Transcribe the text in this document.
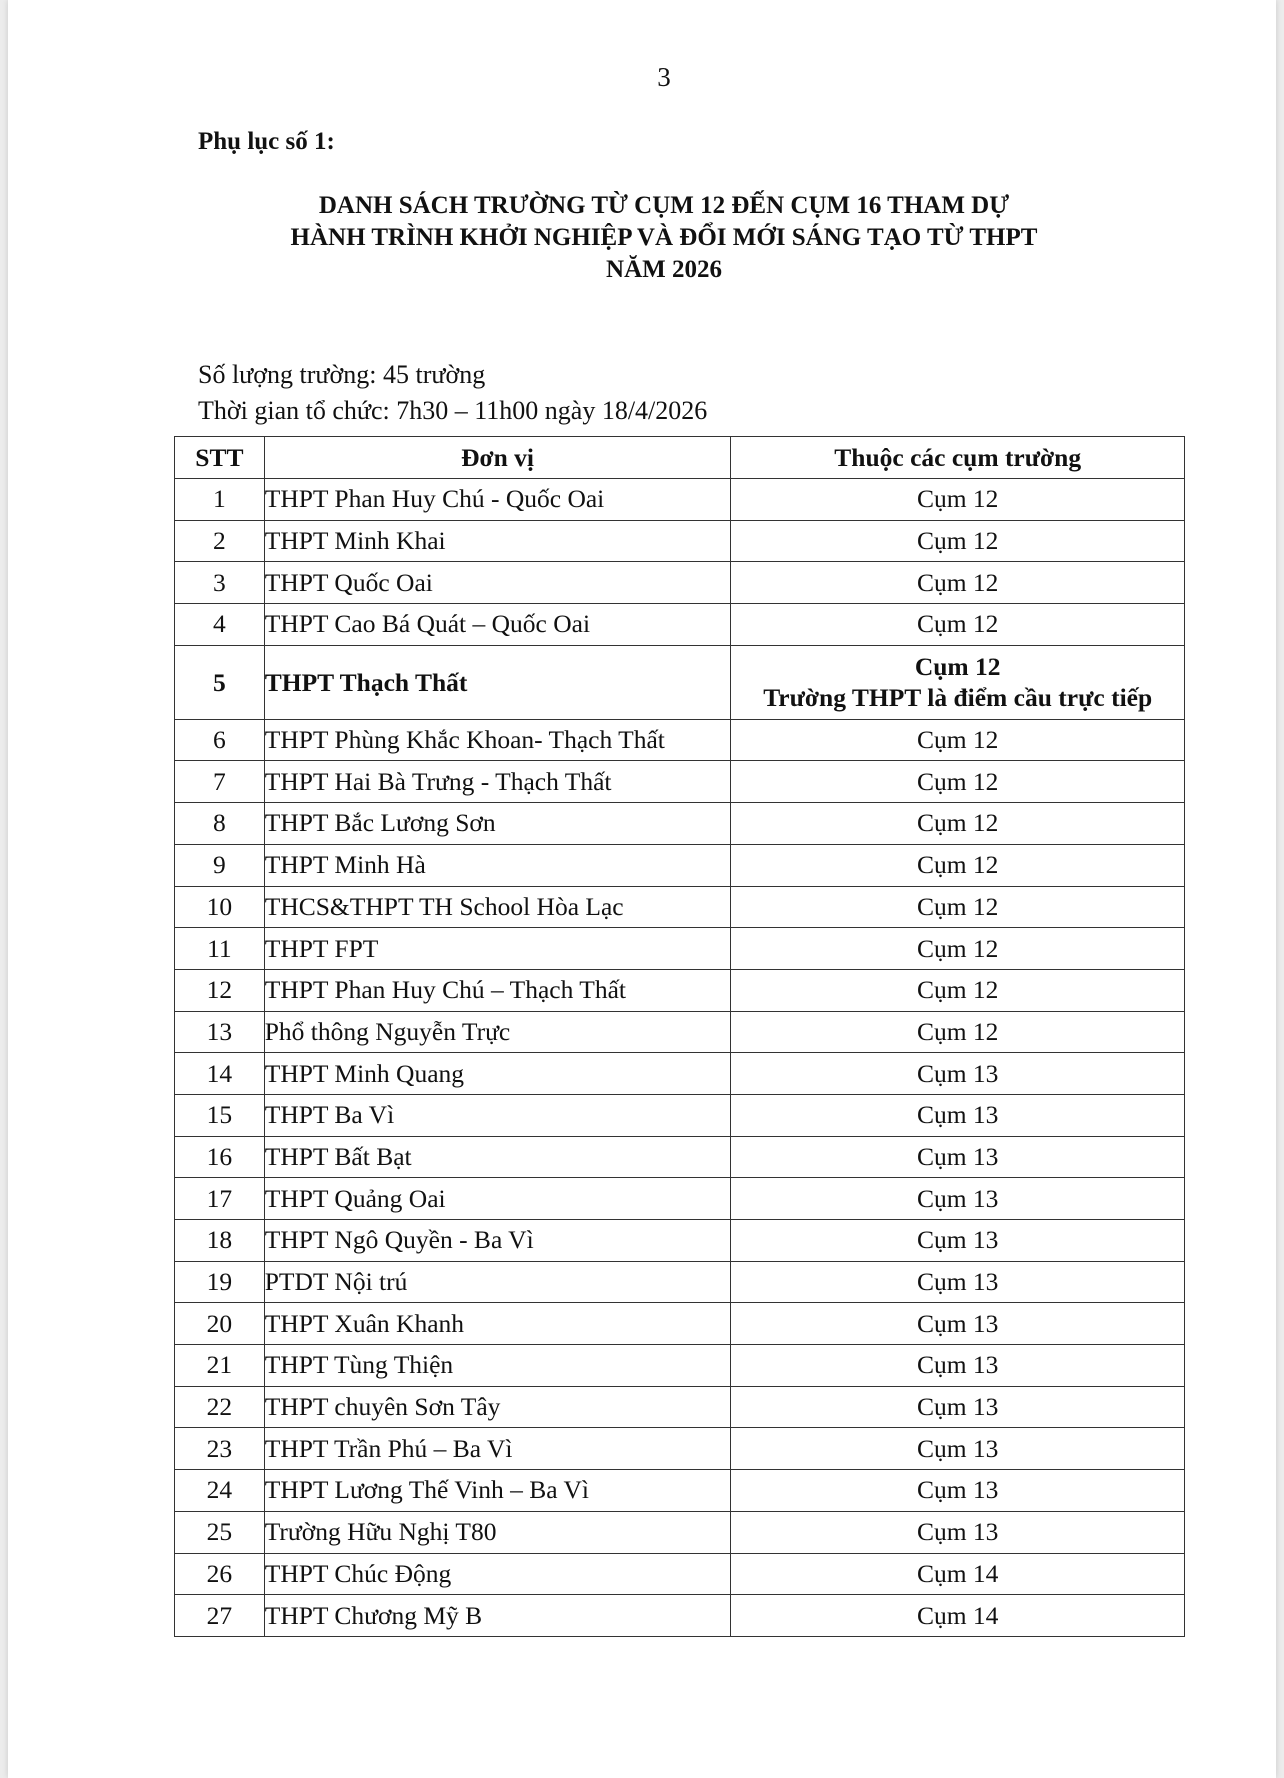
3
Phụ lục số 1:
DANH SÁCH TRƯỜNG TỪ CỤM 12 ĐẾN CỤM 16 THAM DỰ
HÀNH TRÌNH KHỞI NGHIỆP VÀ ĐỔI MỚI SÁNG TẠO TỪ THPT
NĂM 2026
Số lượng trường: 45 trường
Thời gian tổ chức: 7h30 – 11h00 ngày 18/4/2026
STT	Đơn vị	Thuộc các cụm trường
1	THPT Phan Huy Chú - Quốc Oai	Cụm 12
2	THPT Minh Khai	Cụm 12
3	THPT Quốc Oai	Cụm 12
4	THPT Cao Bá Quát – Quốc Oai	Cụm 12
5	THPT Thạch Thất	Cụm 12
Trường THPT là điểm cầu trực tiếp

6	THPT Phùng Khắc Khoan- Thạch Thất	Cụm 12
7	THPT Hai Bà Trưng - Thạch Thất	Cụm 12
8	THPT Bắc Lương Sơn	Cụm 12
9	THPT Minh Hà	Cụm 12
10	THCS&THPT TH School Hòa Lạc	Cụm 12
11	THPT FPT	Cụm 12
12	THPT Phan Huy Chú – Thạch Thất	Cụm 12
13	Phổ thông Nguyễn Trực	Cụm 12
14	THPT Minh Quang	Cụm 13
15	THPT Ba Vì	Cụm 13
16	THPT Bất Bạt	Cụm 13
17	THPT Quảng Oai	Cụm 13
18	THPT Ngô Quyền - Ba Vì	Cụm 13
19	PTDT Nội trú	Cụm 13
20	THPT Xuân Khanh	Cụm 13
21	THPT Tùng Thiện	Cụm 13
22	THPT chuyên Sơn Tây	Cụm 13
23	THPT Trần Phú – Ba Vì	Cụm 13
24	THPT Lương Thế Vinh – Ba Vì	Cụm 13
25	Trường Hữu Nghị T80	Cụm 13
26	THPT Chúc Động	Cụm 14
27	THPT Chương Mỹ B	Cụm 14
